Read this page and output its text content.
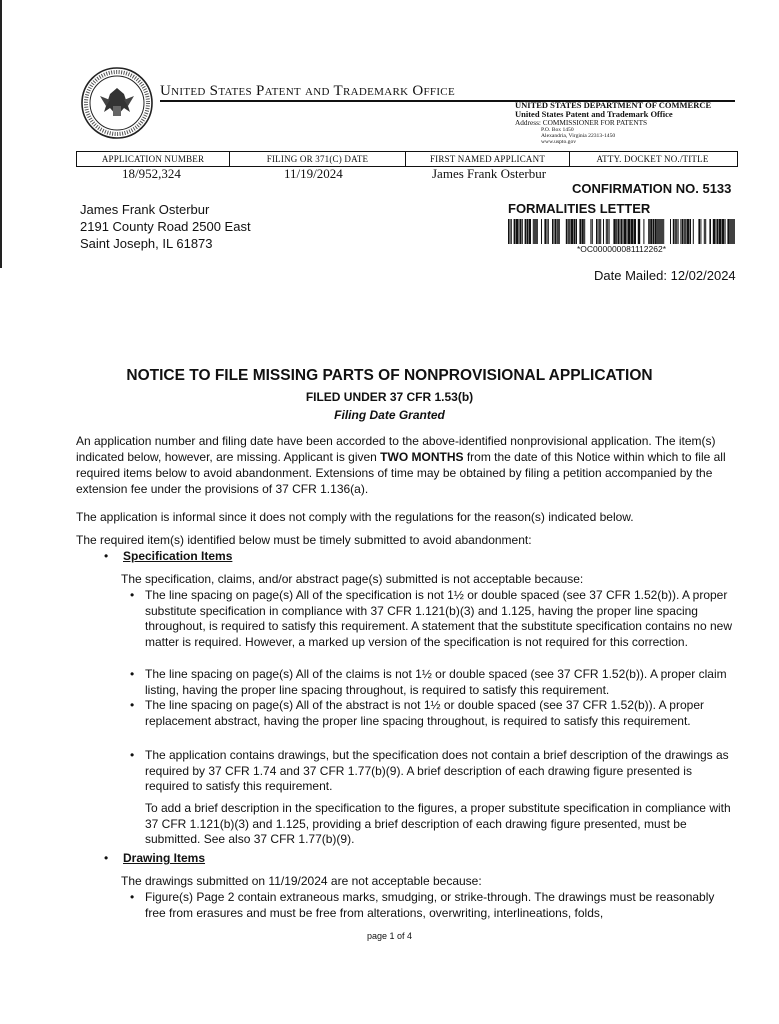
United States Patent and Trademark Office
UNITED STATES DEPARTMENT OF COMMERCE
United States Patent and Trademark Office
Address: COMMISSIONER FOR PATENTS
P.O. Box 1450
Alexandria, Virginia 22313-1450
www.uspto.gov
APPLICATION NUMBER	FILING OR 371(C) DATE	FIRST NAMED APPLICANT	ATTY. DOCKET NO./TITLE
18/952,324	11/19/2024	James Frank Osterbur
CONFIRMATION NO. 5133
FORMALITIES LETTER
*OC000000081112262*
James Frank Osterbur
2191 County Road 2500 East
Saint Joseph, IL 61873
Date Mailed: 12/02/2024
NOTICE TO FILE MISSING PARTS OF NONPROVISIONAL APPLICATION
FILED UNDER 37 CFR 1.53(b)
Filing Date Granted
An application number and filing date have been accorded to the above-identified nonprovisional application. The item(s) indicated below, however, are missing. Applicant is given TWO MONTHS from the date of this Notice within which to file all required items below to avoid abandonment. Extensions of time may be obtained by filing a petition accompanied by the extension fee under the provisions of 37 CFR 1.136(a).
The application is informal since it does not comply with the regulations for the reason(s) indicated below.
The required item(s) identified below must be timely submitted to avoid abandonment:
•	Specification Items
The specification, claims, and/or abstract page(s) submitted is not acceptable because:
• The line spacing on page(s) All of the specification is not 1½ or double spaced (see 37 CFR 1.52(b)). A proper substitute specification in compliance with 37 CFR 1.121(b)(3) and 1.125, having the proper line spacing throughout, is required to satisfy this requirement. A statement that the substitute specification contains no new matter is required. However, a marked up version of the specification is not required for this correction.
• The line spacing on page(s) All of the claims is not 1½ or double spaced (see 37 CFR 1.52(b)). A proper claim listing, having the proper line spacing throughout, is required to satisfy this requirement.
• The line spacing on page(s) All of the abstract is not 1½ or double spaced (see 37 CFR 1.52(b)). A proper replacement abstract, having the proper line spacing throughout, is required to satisfy this requirement.
• The application contains drawings, but the specification does not contain a brief description of the drawings as required by 37 CFR 1.74 and 37 CFR 1.77(b)(9). A brief description of each drawing figure presented is required to satisfy this requirement.
To add a brief description in the specification to the figures, a proper substitute specification in compliance with 37 CFR 1.121(b)(3) and 1.125, providing a brief description of each drawing figure presented, must be submitted. See also 37 CFR 1.77(b)(9).
•	Drawing Items
The drawings submitted on 11/19/2024 are not acceptable because:
• Figure(s) Page 2 contain extraneous marks, smudging, or strike-through. The drawings must be reasonably free from erasures and must be free from alterations, overwriting, interlineations, folds,
page 1 of 4
